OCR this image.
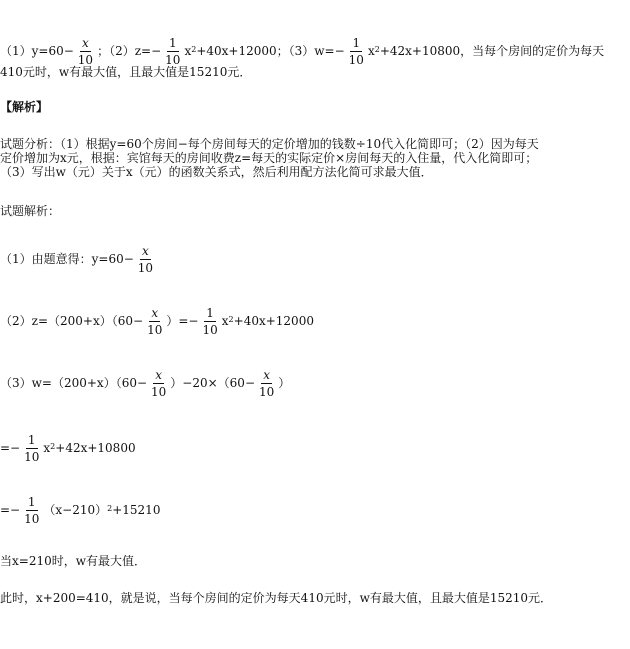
$(1)y=60- \frac{x}{10}$ ；$(2)z=- \frac{1}{10} x^2+40x+12000$；$(3)w=- \frac{1}{10} x^2+42x+10800$，当每个房间的定价为每天
410元时，w有最大值，且最大值是15210元．
【解析】
试题分析：（1）根据y=60个房间−每个房间每天的定价增加的钱数÷10代入化简即可；（2）因为每天
定价增加为x元，根据：宾馆每天的房间收费z=每天的实际定价×房间每天的入住量，代入化简即可；
（3）写出w（元）关于x（元）的函数关系式，然后利用配方法化简可求最大值．
试题解析：
（1）由题意得：$y=60- \frac{x}{10}$
$(2)z=(200+x)(60- \frac{x}{10}$ ）=− $\frac{1}{10} x^2+40x+12000$
$(3)w=(200+x)(60- \frac{x}{10} )-20\times(60- \frac{x}{10}$ ）
=− $\frac{1}{10} x^2+42x+10800$
=− $\frac{1}{10} (x-210)^2+15210$
当x=210时，w有最大值．
此时，x+200=410，就是说，当每个房间的定价为每天410元时，w有最大值，且最大值是15210元．
